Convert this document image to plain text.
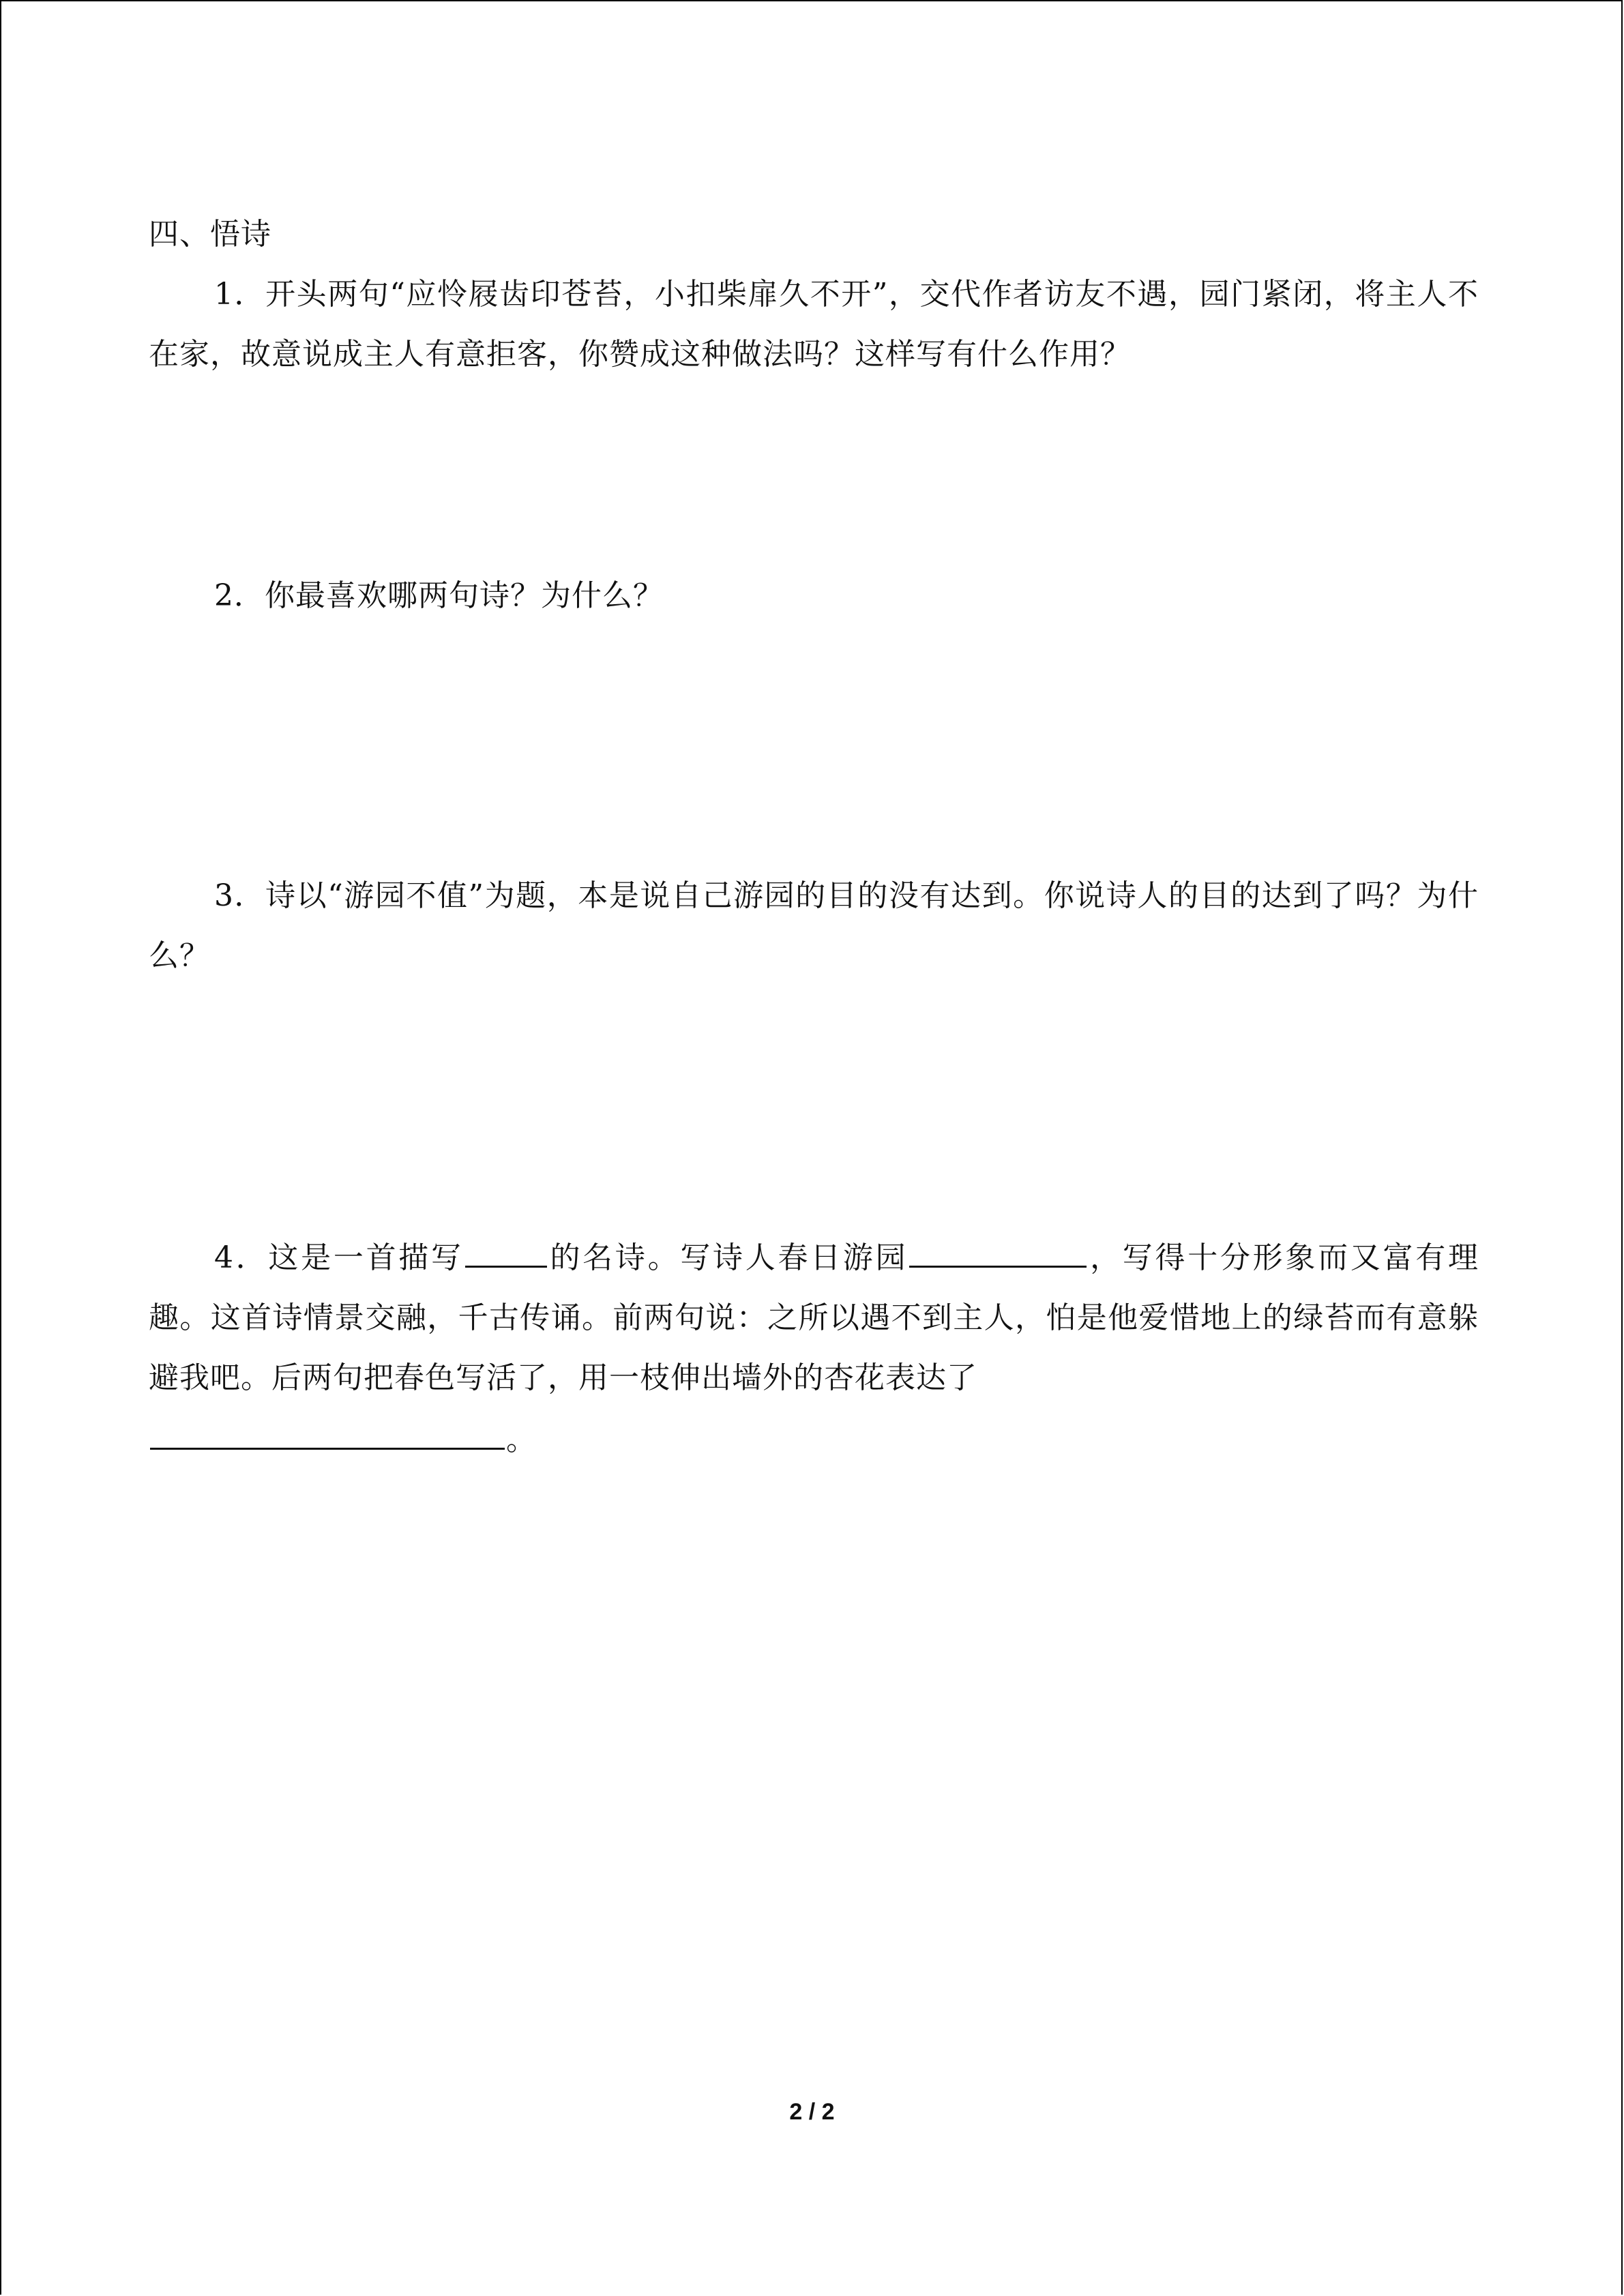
四、悟诗

1．开头两句“应怜屐齿印苍苔，小扣柴扉久不开”，交代作者访友不遇，园门紧闭，将主人不在家，故意说成主人有意拒客，你赞成这种做法吗？这样写有什么作用？

2．你最喜欢哪两句诗？为什么？

3．诗以“游园不值”为题，本是说自己游园的目的没有达到。你说诗人的目的达到了吗？为什么？

4．这是一首描写	的名诗。写诗人春日游园	，写得十分形象而又富有理趣。这首诗情景交融，千古传诵。前两句说：之所以遇不到主人，怕是他爱惜地上的绿苔而有意躲避我吧。后两句把春色写活了，用一枝伸出墙外的杏花表达了
。

2 / 2
